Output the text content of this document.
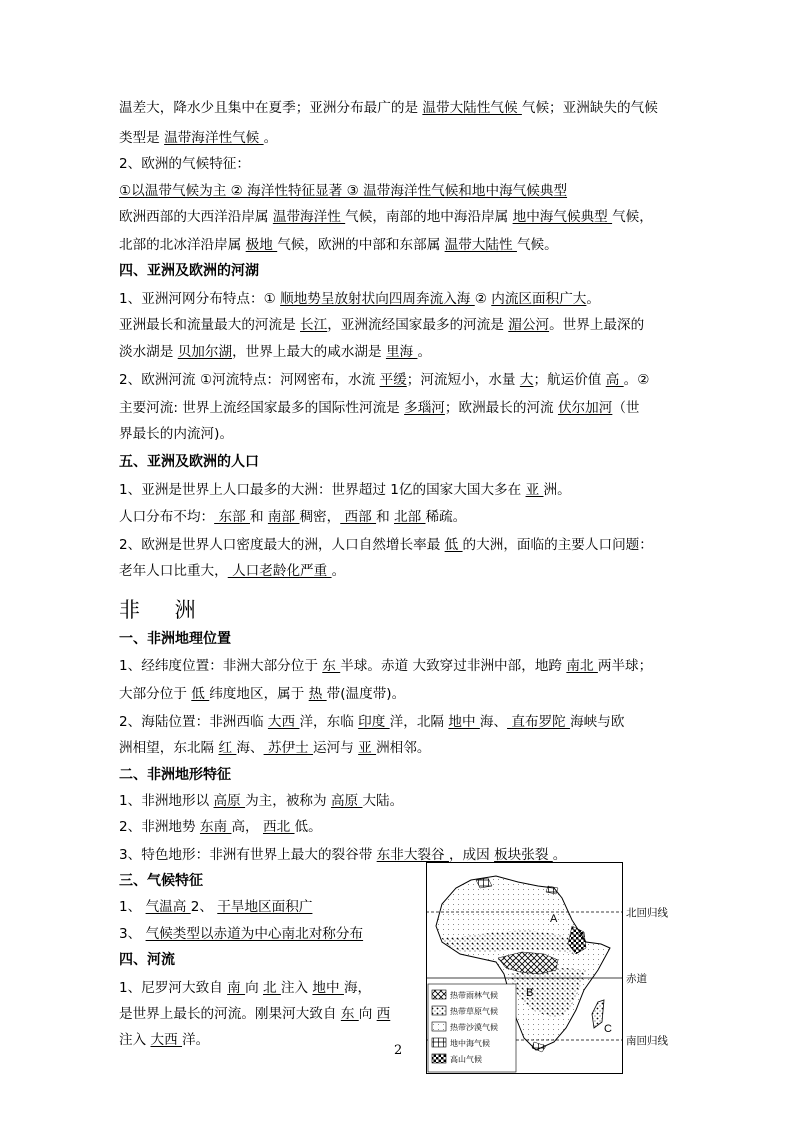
温差大，降水少且集中在夏季；亚洲分布最广的是 温带大陆性气候 气候；亚洲缺失的气候
类型是 温带海洋性气候 。
2、欧洲的气候特征：
①以温带气候为主 ② 海洋性特征显著 ③ 温带海洋性气候和地中海气候典型
欧洲西部的大西洋沿岸属 温带海洋性 气候，南部的地中海沿岸属 地中海气候典型 气候，
北部的北冰洋沿岸属 极地 气候，欧洲的中部和东部属 温带大陆性 气候。
四、亚洲及欧洲的河湖
1、亚洲河网分布特点：① 顺地势呈放射状向四周奔流入海 ② 内流区面积广大。
亚洲最长和流量最大的河流是 长江，亚洲流经国家最多的河流是 湄公河。世界上最深的
淡水湖是 贝加尔湖，世界上最大的咸水湖是 里海 。
2、欧洲河流 ①河流特点：河网密布，水流 平缓；河流短小，水量 大；航运价值 高 。②
主要河流: 世界上流经国家最多的国际性河流是 多瑙河；欧洲最长的河流 伏尔加河（世
界最长的内流河)。
五、亚洲及欧洲的人口
1、亚洲是世界上人口最多的大洲：世界超过 1亿的国家大国大多在 亚 洲。
人口分布不均： 东部 和 南部 稠密， 西部 和 北部 稀疏。
2、欧洲是世界人口密度最大的洲，人口自然增长率最 低 的大洲，面临的主要人口问题：
老年人口比重大， 人口老龄化严重 。
一、非洲地理位置
1、经纬度位置：非洲大部分位于 东 半球。赤道 大致穿过非洲中部，地跨 南北 两半球；
大部分位于 低 纬度地区，属于 热 带(温度带)。
2、海陆位置：非洲西临 大西 洋，东临 印度 洋，北隔 地中 海、 直布罗陀 海峡与欧
洲相望，东北隔 红 海、 苏伊士 运河与 亚 洲相邻。
二、非洲地形特征
1、非洲地形以 高原 为主，被称为 高原 大陆。
2、非洲地势 东南 高， 西北 低。
3、特色地形：非洲有世界上最大的裂谷带 东非大裂谷 ，成因 板块张裂 。
三、气候特征
1、 气温高 2、 干旱地区面积广
3、 气候类型以赤道为中心南北对称分布
四、河流
1、尼罗河大致自 南 向 北 注入 地中 海，
是世界上最长的河流。刚果河大致自 东 向 西
注入 大西 洋。
非 洲
A
B
C
热带雨林气候
热带草原气候
热带沙漠气候
地中海气候
高山气候
北回归线
赤道
南回归线
2
